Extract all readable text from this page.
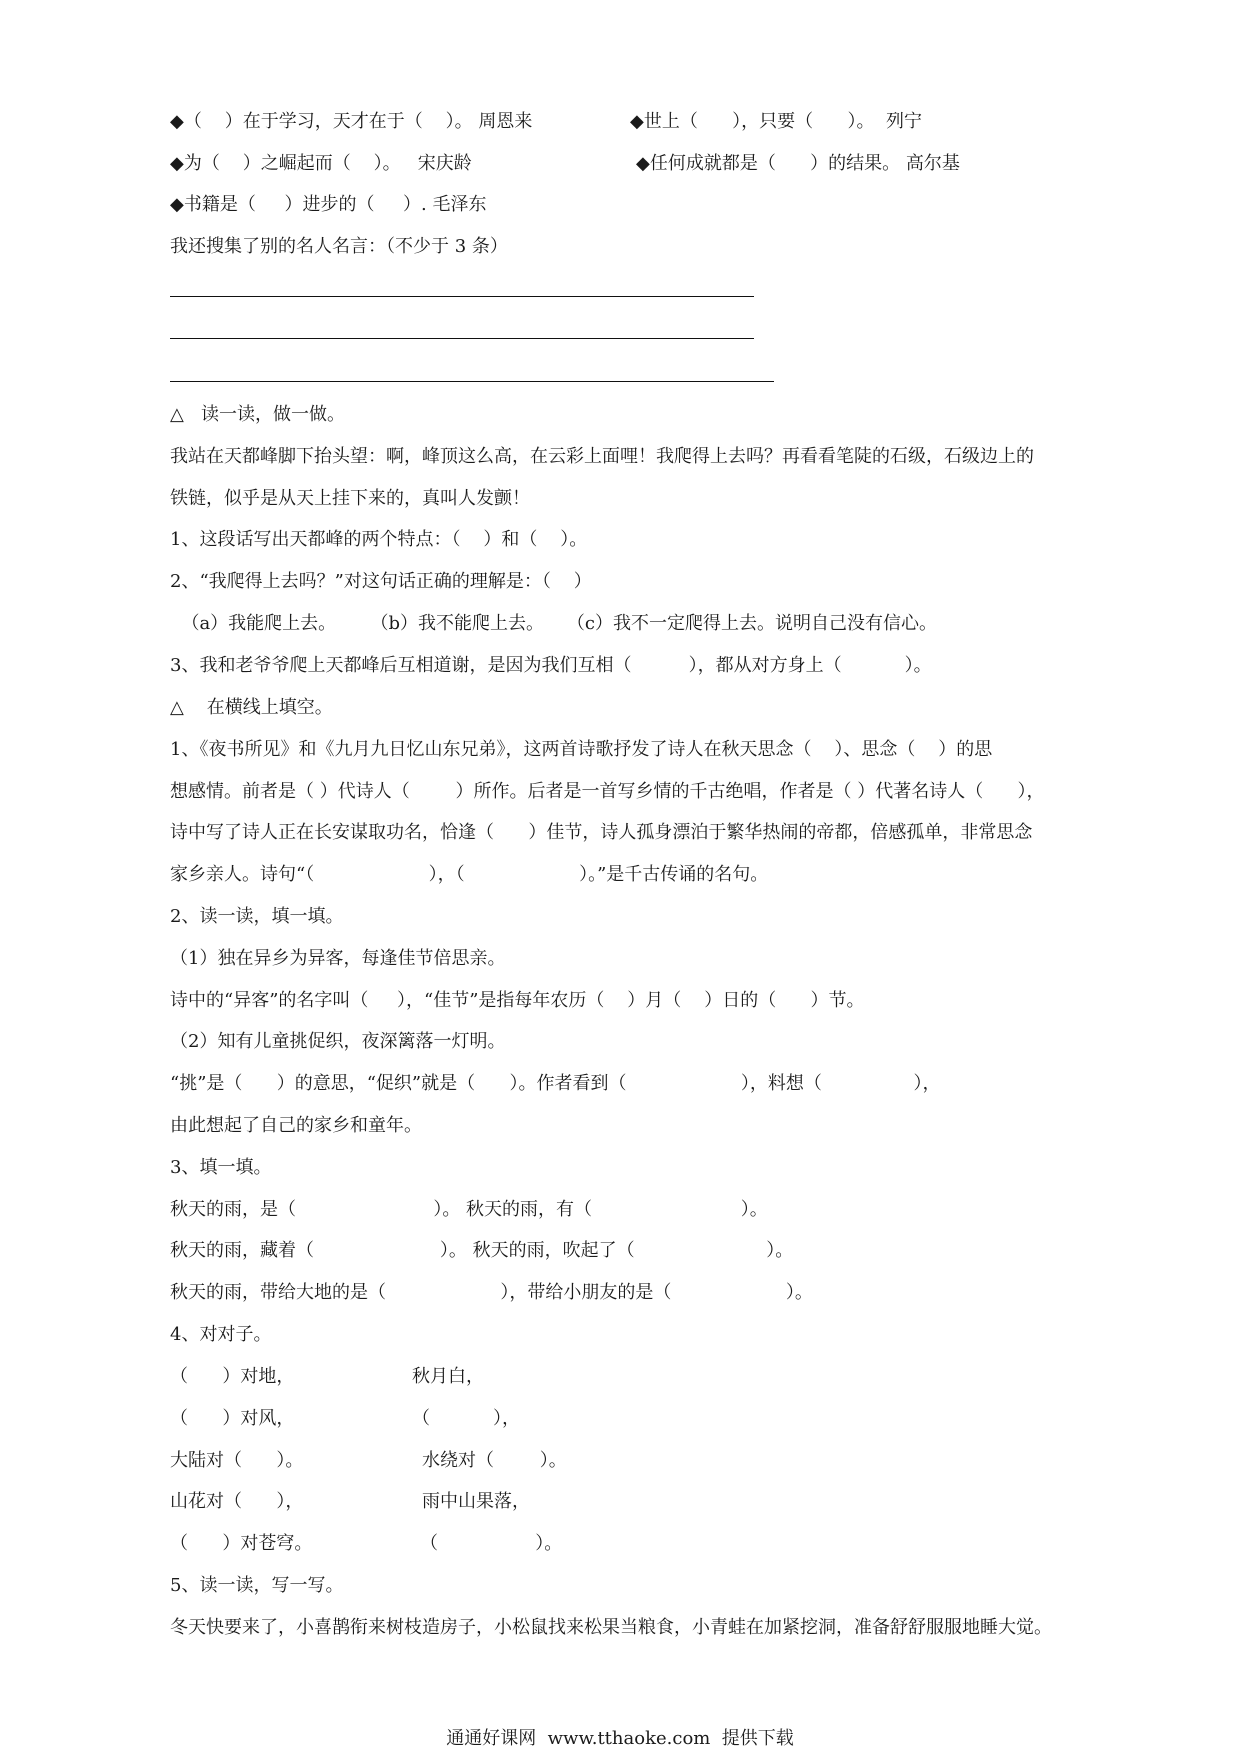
◆（    ）在于学习，天才在于（    ）。 周恩来	◆世上（      ），只要（      ）。  列宁

◆为（    ）之崛起而（    ）。   宋庆龄	◆任何成就都是（      ）的结果。 高尔基

◆书籍是（     ）进步的（     ）. 毛泽东

我还搜集了别的名人名言：（不少于 3 条）

△   读一读，做一做。

我站在天都峰脚下抬头望：啊，峰顶这么高，在云彩上面哩！我爬得上去吗？再看看笔陡的石级，石级边上的

铁链，似乎是从天上挂下来的，真叫人发颤！

1、这段话写出天都峰的两个特点：（    ）和（    ）。

2、“我爬得上去吗？”对这句话正确的理解是：（    ）

（a）我能爬上去。      （b）我不能爬上去。    （c）我不一定爬得上去。说明自己没有信心。

3、我和老爷爷爬上天都峰后互相道谢，是因为我们互相（          ），都从对方身上（           ）。

△    在横线上填空。

1、《夜书所见》和《九月九日忆山东兄弟》，这两首诗歌抒发了诗人在秋天思念（    ）、思念（    ）的思

想感情。前者是（ ）代诗人（        ）所作。后者是一首写乡情的千古绝唱，作者是（ ）代著名诗人（      ），

诗中写了诗人正在长安谋取功名，恰逢（      ）佳节，诗人孤身漂泊于繁华热闹的帝都，倍感孤单，非常思念

家乡亲人。诗句“（                    ），（                    ）。”是千古传诵的名句。

2、读一读，填一填。

（1）独在异乡为异客，每逢佳节倍思亲。

诗中的“异客”的名字叫（     ），“佳节”是指每年农历（    ）月（    ）日的（      ）节。

（2）知有儿童挑促织，夜深篱落一灯明。

“挑”是（      ）的意思，“促织”就是（      ）。作者看到（                    ），料想（                ），

由此想起了自己的家乡和童年。

3、填一填。

秋天的雨，是（                        ）。 秋天的雨，有（                          ）。

秋天的雨，藏着（                      ）。 秋天的雨，吹起了（                       ）。

秋天的雨，带给大地的是（                    ），带给小朋友的是（                    ）。

4、对对子。

（      ）对地，	秋月白，

（      ）对风，	（           ），

大陆对（      ）。	水绕对（        ）。

山花对（      ），	雨中山果落，

（      ）对苍穹。	（                 ）。

5、读一读，写一写。

冬天快要来了，小喜鹊衔来树枝造房子，小松鼠找来松果当粮食，小青蛙在加紧挖洞，准备舒舒服服地睡大觉。

通通好课网  www.tthaoke.com  提供下载
